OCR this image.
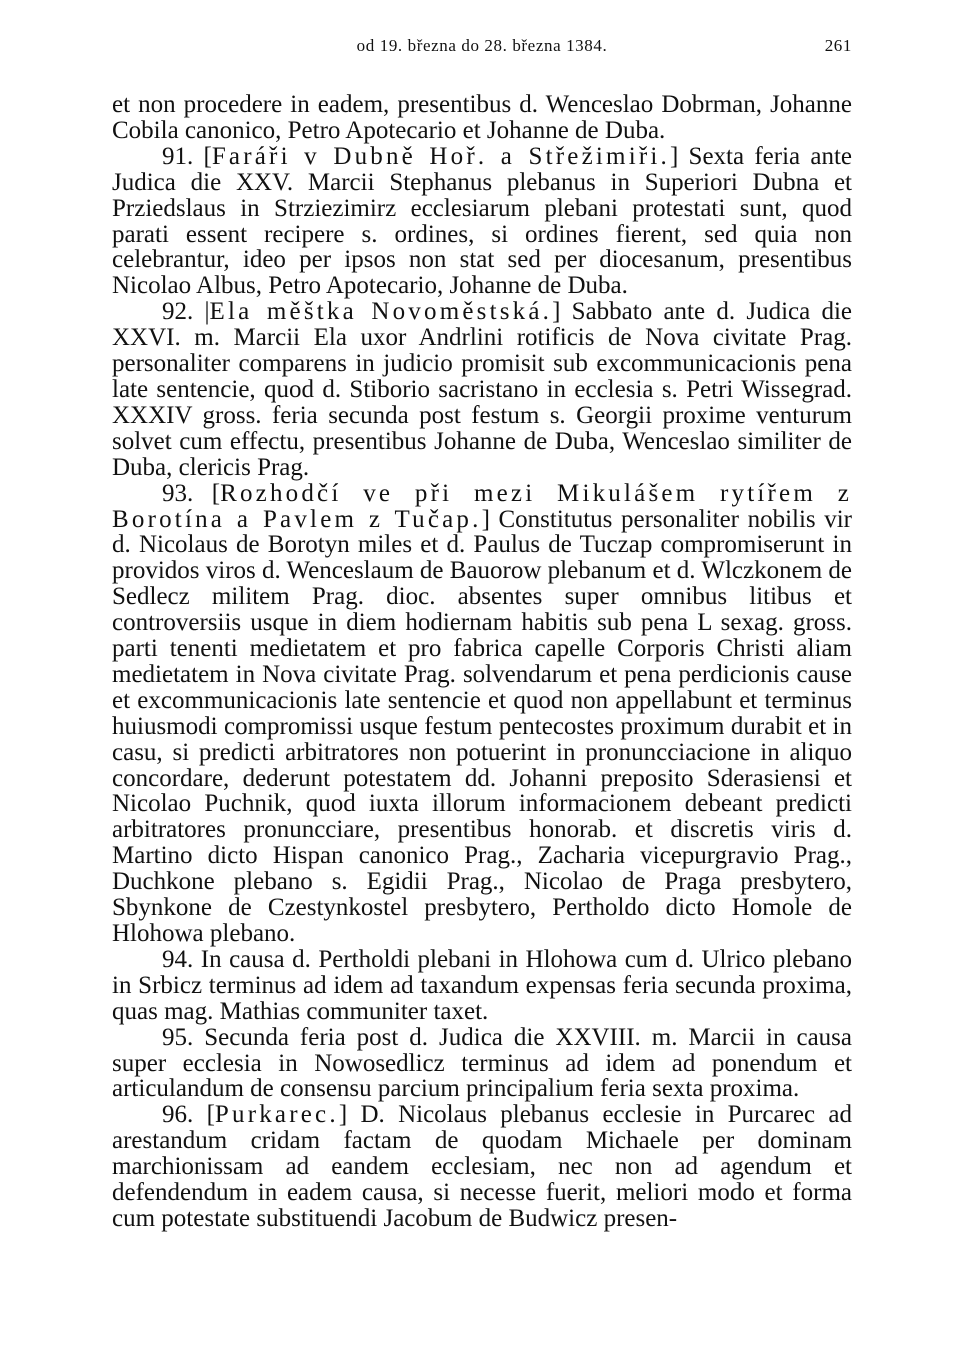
od 19. března do 28. března 1384.	261

et non procedere in eadem, presentibus d. Wenceslao Dobrman, Johanne Cobila canonico, Petro Apotecario et Johanne de Duba.

91. [Faráři v Dubně Hoř. a Střežimiři.] Sexta feria ante Judica die XXV. Marcii Stephanus plebanus in Superiori Dubna et Prziedslaus in Strziezimirz ecclesiarum plebani protestati sunt, quod parati essent recipere s. ordines, si ordines fierent, sed quia non celebrantur, ideo per ipsos non stat sed per diocesanum, presentibus Nicolao Albus, Petro Apotecario, Johanne de Duba.

92. |Ela měštka Novoměstská.] Sabbato ante d. Judica die XXVI. m. Marcii Ela uxor Andrlini rotificis de Nova civitate Prag. personaliter comparens in judicio promisit sub excommunicacionis pena late sentencie, quod d. Stiborio sacristano in ecclesia s. Petri Wissegrad. XXXIV gross. feria secunda post festum s. Georgii proxime venturum solvet cum effectu, presentibus Johanne de Duba, Wenceslao similiter de Duba, clericis Prag.

93. [Rozhodčí ve při mezi Mikulášem rytířem z Borotína a Pavlem z Tučap.] Constitutus personaliter nobilis vir d. Nicolaus de Borotyn miles et d. Paulus de Tuczap compromiserunt in providos viros d. Wenceslaum de Bauorow plebanum et d. Wlczkonem de Sedlecz militem Prag. dioc. absentes super omnibus litibus et controversiis usque in diem hodiernam habitis sub pena L sexag. gross. parti tenenti medietatem et pro fabrica capelle Corporis Christi aliam medietatem in Nova civitate Prag. solvendarum et pena perdicionis cause et excommunicacionis late sentencie et quod non appellabunt et terminus huiusmodi compromissi usque festum pentecostes proximum durabit et in casu, si predicti arbitratores non potuerint in pronuncciacione in aliquo concordare, dederunt potestatem dd. Johanni preposito Sderasiensi et Nicolao Puchnik, quod iuxta illorum informacionem debeant predicti arbitratores pronuncciare, presentibus honorab. et discretis viris d. Martino dicto Hispan canonico Prag., Zacharia vicepurgravio Prag., Duchkone plebano s. Egidii Prag., Nicolao de Praga presbytero, Sbynkone de Czestynkostel presbytero, Pertholdo dicto Homole de Hlohowa plebano.

94. In causa d. Pertholdi plebani in Hlohowa cum d. Ulrico plebano in Srbicz terminus ad idem ad taxandum expensas feria secunda proxima, quas mag. Mathias communiter taxet.

95. Secunda feria post d. Judica die XXVIII. m. Marcii in causa super ecclesia in Nowosedlicz terminus ad idem ad ponendum et articulandum de consensu parcium principalium feria sexta proxima.

96. [Purkarec.] D. Nicolaus plebanus ecclesie in Purcarec ad arestandum cridam factam de quodam Michaele per dominam marchionissam ad eandem ecclesiam, nec non ad agendum et defendendum in eadem causa, si necesse fuerit, meliori modo et forma cum potestate substituendi Jacobum de Budwicz presen-
